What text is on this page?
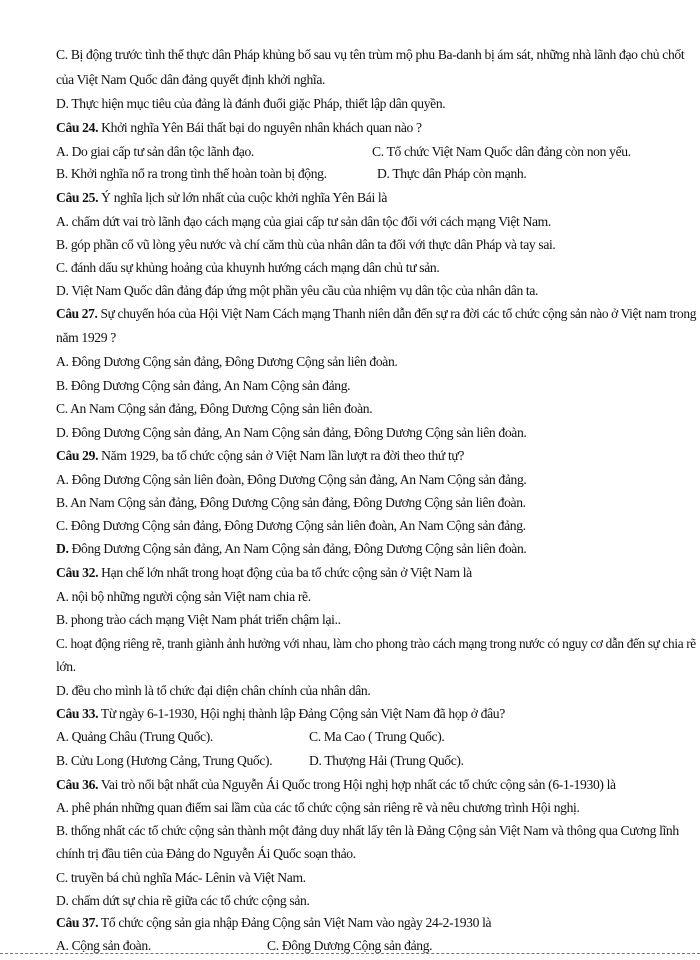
C. Bị động trước tình thế thực dân Pháp khủng bố sau vụ tên trùm mộ phu Ba-danh bị ám sát, những nhà lãnh đạo chủ chốt
của Việt Nam Quốc dân đảng quyết định khởi nghĩa.
D. Thực hiện mục tiêu của đảng là đánh đuổi giặc Pháp, thiết lập dân quyền.
Câu 24. Khởi nghĩa Yên Bái thất bại do nguyên nhân khách quan nào ?
A. Do giai cấp tư sản dân tộc lãnh đạo.	C. Tổ chức Việt Nam Quốc dân đảng còn non yếu.
B. Khởi nghĩa nổ ra trong tình thế hoàn toàn bị động.	D. Thực dân Pháp còn mạnh.
Câu 25. Ý nghĩa lịch sử lớn nhất của cuộc khởi nghĩa Yên Bái là
A. chấm dứt vai trò lãnh đạo cách mạng của giai cấp tư sản dân tộc đối với cách mạng Việt Nam.
B. góp phần cổ vũ lòng yêu nước và chí căm thù của nhân dân ta đối với thực dân Pháp và tay sai.
C. đánh dấu sự khủng hoảng của khuynh hướng cách mạng dân chủ tư sản.
D. Việt Nam Quốc dân đảng đáp ứng một phần yêu cầu của nhiệm vụ dân tộc của nhân dân ta.
Câu 27. Sự chuyển hóa của Hội Việt Nam Cách mạng Thanh niên dẫn đến sự ra đời các tổ chức cộng sản nào ở Việt nam trong
năm 1929 ?
A. Đông Dương Cộng sản đảng, Đông Dương Cộng sản liên đoàn.
B. Đông Dương Cộng sản đảng, An Nam Cộng sản đảng.
C. An Nam Cộng sản đảng, Đông Dương Cộng sản liên đoàn.
D. Đông Dương Cộng sản đảng, An Nam Cộng sản đảng, Đông Dương Cộng sản liên đoàn.
Câu 29. Năm 1929, ba tổ chức cộng sản ở Việt Nam lần lượt ra đời theo thứ tự?
A. Đông Dương Cộng sản liên đoàn, Đông Dương Cộng sản đảng, An Nam Cộng sản đảng.
B. An Nam Cộng sản đảng, Đông Dương Cộng sản đảng, Đông Dương Cộng sản liên đoàn.
C. Đông Dương Cộng sản đảng, Đông Dương Cộng sản liên đoàn, An Nam Cộng sản đảng.
D. Đông Dương Cộng sản đảng, An Nam Cộng sản đảng, Đông Dương Cộng sản liên đoàn.
Câu 32. Hạn chế lớn nhất trong hoạt động của ba tổ chức cộng sản ở Việt Nam là
A. nội bộ những người cộng sản Việt nam chia rẽ.
B. phong trào cách mạng Việt Nam phát triển chậm lại..
C. hoạt động riêng rẽ, tranh giành ảnh hưởng với nhau, làm cho phong trào cách mạng trong nước có nguy cơ dẫn đến sự chia rẽ
lớn.
D. đều cho mình là tổ chức đại diện chân chính của nhân dân.
Câu 33. Từ ngày 6-1-1930, Hội nghị thành lập Đảng Cộng sản Việt Nam đã họp ở đâu?
A. Quảng Châu (Trung Quốc).	C. Ma Cao ( Trung Quốc).
B. Cửu Long (Hương Cảng, Trung Quốc).	D. Thượng Hải (Trung Quốc).
Câu 36. Vai trò nổi bật nhất của Nguyễn Ái Quốc trong Hội nghị hợp nhất các tổ chức cộng sản (6-1-1930) là
A. phê phán những quan điểm sai lầm của các tổ chức cộng sản riêng rẽ và nêu chương trình Hội nghị.
B. thống nhất các tổ chức cộng sản thành một đảng duy nhất lấy tên là Đảng Cộng sản Việt Nam và thông qua Cương lĩnh
chính trị đầu tiên của Đảng do Nguyễn Ái Quốc soạn thảo.
C. truyền bá chủ nghĩa Mác- Lênin và Việt Nam.
D. chấm dứt sự chia rẽ giữa các tổ chức cộng sản.
Câu 37. Tổ chức cộng sản gia nhập Đảng Cộng sản Việt Nam vào ngày 24-2-1930 là
A. Cộng sản đoàn.	C. Đông Dương Cộng sản đảng.
